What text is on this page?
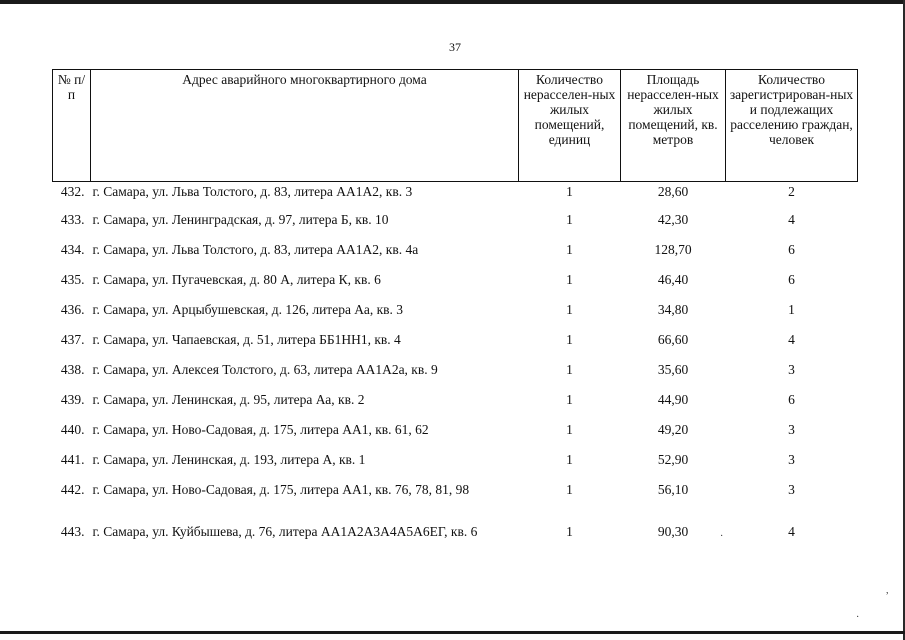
37
№ п/п	Адрес аварийного многоквартирного дома	Количество нерасселен-ных жилых помещений, единиц	Площадь нерасселен-ных жилых помещений, кв. метров	Количество зарегистрирован-ных и подлежащих расселению граждан, человек
432.	г. Самара, ул. Льва Толстого, д. 83, литера АА1А2, кв. 3	1	28,60	2
433.	г. Самара, ул. Ленинградская, д. 97, литера Б, кв. 10	1	42,30	4
434.	г. Самара, ул. Льва Толстого, д. 83, литера АА1А2, кв. 4а	1	128,70	6
435.	г. Самара, ул. Пугачевская, д. 80 А, литера К, кв. 6	1	46,40	6
436.	г. Самара, ул. Арцыбушевская, д. 126, литера Аа, кв. 3	1	34,80	1
437.	г. Самара, ул. Чапаевская, д. 51, литера ББ1НН1, кв. 4	1	66,60	4
438.	г. Самара, ул. Алексея Толстого, д. 63, литера АА1А2а, кв. 9	1	35,60	3
439.	г. Самара, ул. Ленинская, д. 95, литера Аа, кв. 2	1	44,90	6
440.	г. Самара, ул. Ново-Садовая, д. 175, литера АА1, кв. 61, 62	1	49,20	3
441.	г. Самара, ул. Ленинская, д. 193, литера А, кв. 1	1	52,90	3
442.	г. Самара, ул. Ново-Садовая, д. 175, литера АА1, кв. 76, 78, 81, 98	1	56,10	3
443.	г. Самара, ул. Куйбышева, д. 76, литера АА1А2А3А4А5А6ЕГ, кв. 6	1	90,30	4
·
,
·
